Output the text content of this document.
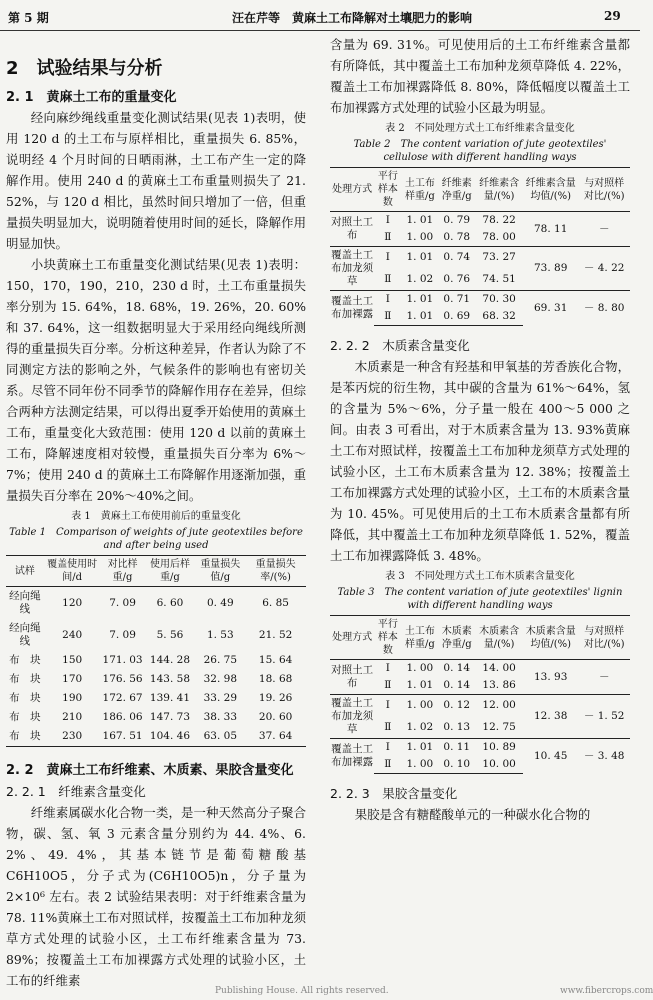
第 5 期	汪在芹等　黄麻土工布降解对土壤肥力的影响	29
2　试验结果与分析
2. 1　黄麻土工布的重量变化

经向麻纱绳线重量变化测试结果(见表 1)表明，使用 120 d 的土工布与原样相比，重量损失 6. 85%，说明经 4 个月时间的日晒雨淋，土工布产生一定的降解作用。使用 240 d 的黄麻土工布重量则损失了 21. 52%，与 120 d 相比，虽然时间只增加了一倍，但重量损失明显加大，说明随着使用时间的延长，降解作用明显加快。

小块黄麻土工布重量变化测试结果(见表 1)表明：150，170，190，210，230 d 时，土工布重量损失率分别为 15. 64%，18. 68%，19. 26%，20. 60%和 37. 64%，这一组数据明显大于采用经向绳线所测得的重量损失百分率。分析这种差异，作者认为除了不同测定方法的影响之外，气候条件的影响也有密切关系。尽管不同年份不同季节的降解作用存在差异，但综合两种方法测定结果，可以得出夏季开始使用的黄麻土工布，重量变化大致范围：使用 120 d 以前的黄麻土工布，降解速度相对较慢，重量损失百分率为 6%～7%；使用 240 d 的黄麻土工布降解作用逐渐加强，重量损失百分率在 20%～40%之间。

表 1　黄麻土工布使用前后的重量变化
Table 1　Comparison of weights of jute geotextiles before and after being used
试样	覆盖使用时间/d	对比样重/g	使用后样重/g	重量损失值/g	重量损失率/(%)
经向绳线	120	7. 09	6. 60	0. 49	6. 85
经向绳线	240	7. 09	5. 56	1. 53	21. 52
布　块	150	171. 03	144. 28	26. 75	15. 64
布　块	170	176. 56	143. 58	32. 98	18. 68
布　块	190	172. 67	139. 41	33. 29	19. 26
布　块	210	186. 06	147. 73	38. 33	20. 60
布　块	230	167. 51	104. 46	63. 05	37. 64
2. 2　黄麻土工布纤维素、木质素、果胶含量变化
2. 2. 1　纤维素含量变化

纤维素属碳水化合物一类，是一种天然高分子聚合物，碳、氢、氧 3 元素含量分别约为 44. 4%、6. 2%、49. 4%，其基本链节是葡萄糖酸基 C6H10O5，分子式为(C6H10O5)n，分子量为 2×10⁶ 左右。表 2 试验结果表明：对于纤维素含量为 78. 11%黄麻土工布对照试样，按覆盖土工布加种龙须草方式处理的试验小区，土工布纤维素含量为 73. 89%；按覆盖土工布加裸露方式处理的试验小区，土工布的纤维素

含量为 69. 31%。可见使用后的土工布纤维素含量都有所降低，其中覆盖土工布加种龙须草降低 4. 22%，覆盖土工布加裸露降低 8. 80%，降低幅度以覆盖土工布加裸露方式处理的试验小区最为明显。

表 2　不同处理方式土工布纤维素含量变化
Table 2　The content variation of jute geotextiles' cellulose with different handling ways
处理方式	平行样本数	土工布样重/g	纤维素净重/g	纤维素含量/(%)	纤维素含量均值/(%)	与对照样对比/(%)
对照土工布	Ⅰ	1. 01	0. 79	78. 22	78. 11	－
	Ⅱ	1. 00	0. 78	78. 00		
覆盖土工布加龙须草	Ⅰ	1. 01	0. 74	73. 27	73. 89	－ 4. 22
	Ⅱ	1. 02	0. 76	74. 51		
覆盖土工布加裸露	Ⅰ	1. 01	0. 71	70. 30	69. 31	－ 8. 80
	Ⅱ	1. 01	0. 69	68. 32		
2. 2. 2　木质素含量变化

木质素是一种含有羟基和甲氧基的芳香族化合物，是苯丙烷的衍生物，其中碳的含量为 61%～64%，氢的含量为 5%～6%，分子量一般在 400～5 000 之间。由表 3 可看出，对于木质素含量为 13. 93%黄麻土工布对照试样，按覆盖土工布加种龙须草方式处理的试验小区，土工布木质素含量为 12. 38%；按覆盖土工布加裸露方式处理的试验小区，土工布的木质素含量为 10. 45%。可见使用后的土工布木质素含量都有所降低，其中覆盖土工布加种龙须草降低 1. 52%，覆盖土工布加裸露降低 3. 48%。

表 3　不同处理方式土工布木质素含量变化
Table 3　The content variation of jute geotextiles' lignin with different handling ways
处理方式	平行样本数	土工布样重/g	木质素净重/g	木质素含量/(%)	木质素含量均值/(%)	与对照样对比/(%)
对照土工布	Ⅰ	1. 00	0. 14	14. 00	13. 93	－
	Ⅱ	1. 01	0. 14	13. 86		
覆盖土工布加龙须草	Ⅰ	1. 00	0. 12	12. 00	12. 38	－ 1. 52
	Ⅱ	1. 02	0. 13	12. 75		
覆盖土工布加裸露	Ⅰ	1. 01	0. 11	10. 89	10. 45	－ 3. 48
	Ⅱ	1. 00	0. 10	10. 00		
2. 2. 3　果胶含量变化

果胶是含有糖醛酸单元的一种碳水化合物的

Publishing House. All rights reserved.	www.fibercrops.com
